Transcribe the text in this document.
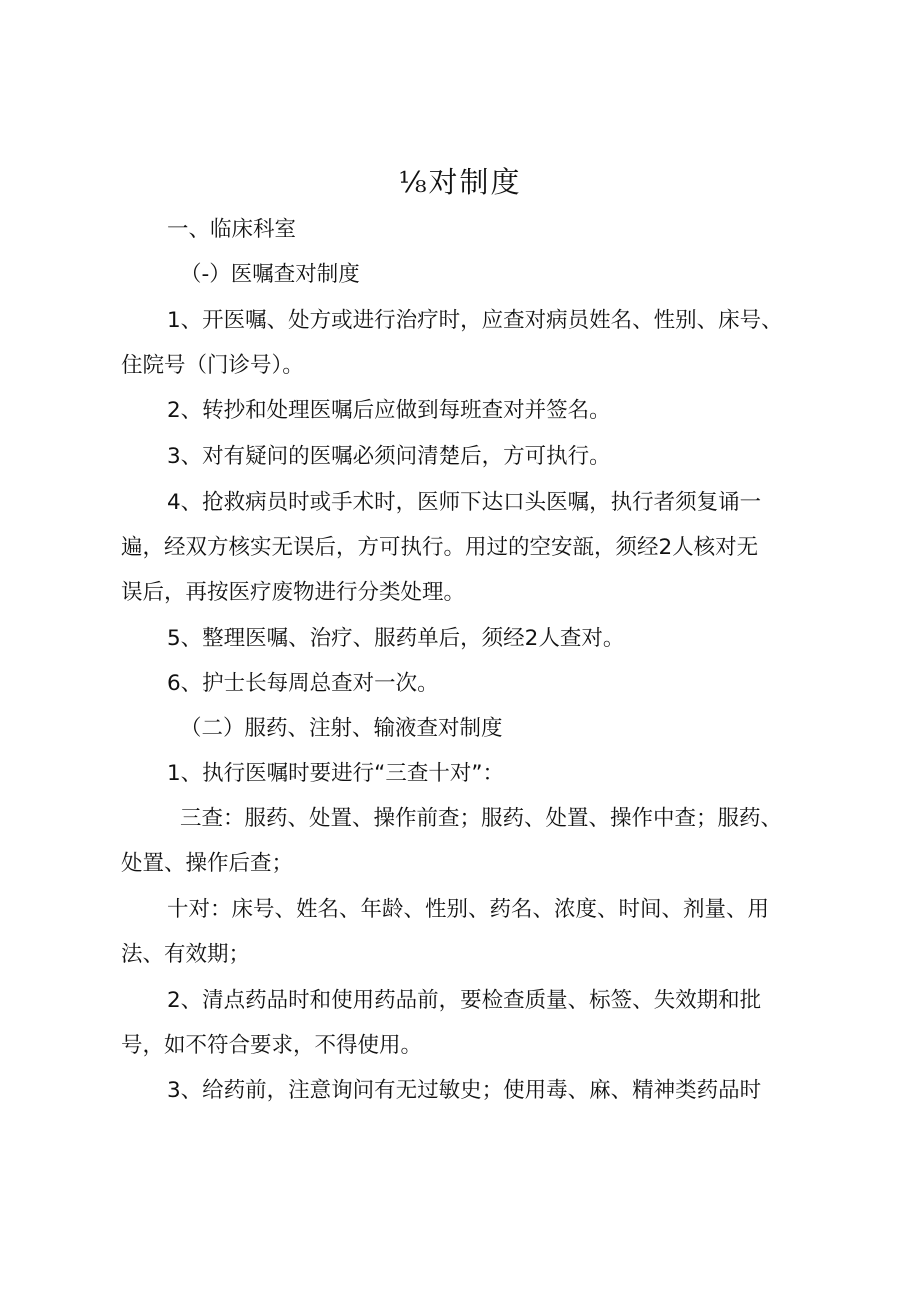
⅛对制度
一、临床科室
（-）医嘱查对制度
1、开医嘱、处方或进行治疗时，应查对病员姓名、性别、床号、
住院号（门诊号）。
2、转抄和处理医嘱后应做到每班查对并签名。
3、对有疑问的医嘱必须问清楚后，方可执行。
4、抢救病员时或手术时，医师下达口头医嘱，执行者须复诵一
遍，经双方核实无误后，方可执行。用过的空安瓿，须经2人核对无
误后，再按医疗废物进行分类处理。
5、整理医嘱、治疗、服药单后，须经2人查对。
6、护士长每周总查对一次。
（二）服药、注射、输液查对制度
1、执行医嘱时要进行“三查十对”：
三查：服药、处置、操作前查；服药、处置、操作中查；服药、
处置、操作后查；
十对：床号、姓名、年龄、性别、药名、浓度、时间、剂量、用
法、有效期；
2、清点药品时和使用药品前，要检查质量、标签、失效期和批
号，如不符合要求，不得使用。
3、给药前，注意询问有无过敏史；使用毒、麻、精神类药品时
